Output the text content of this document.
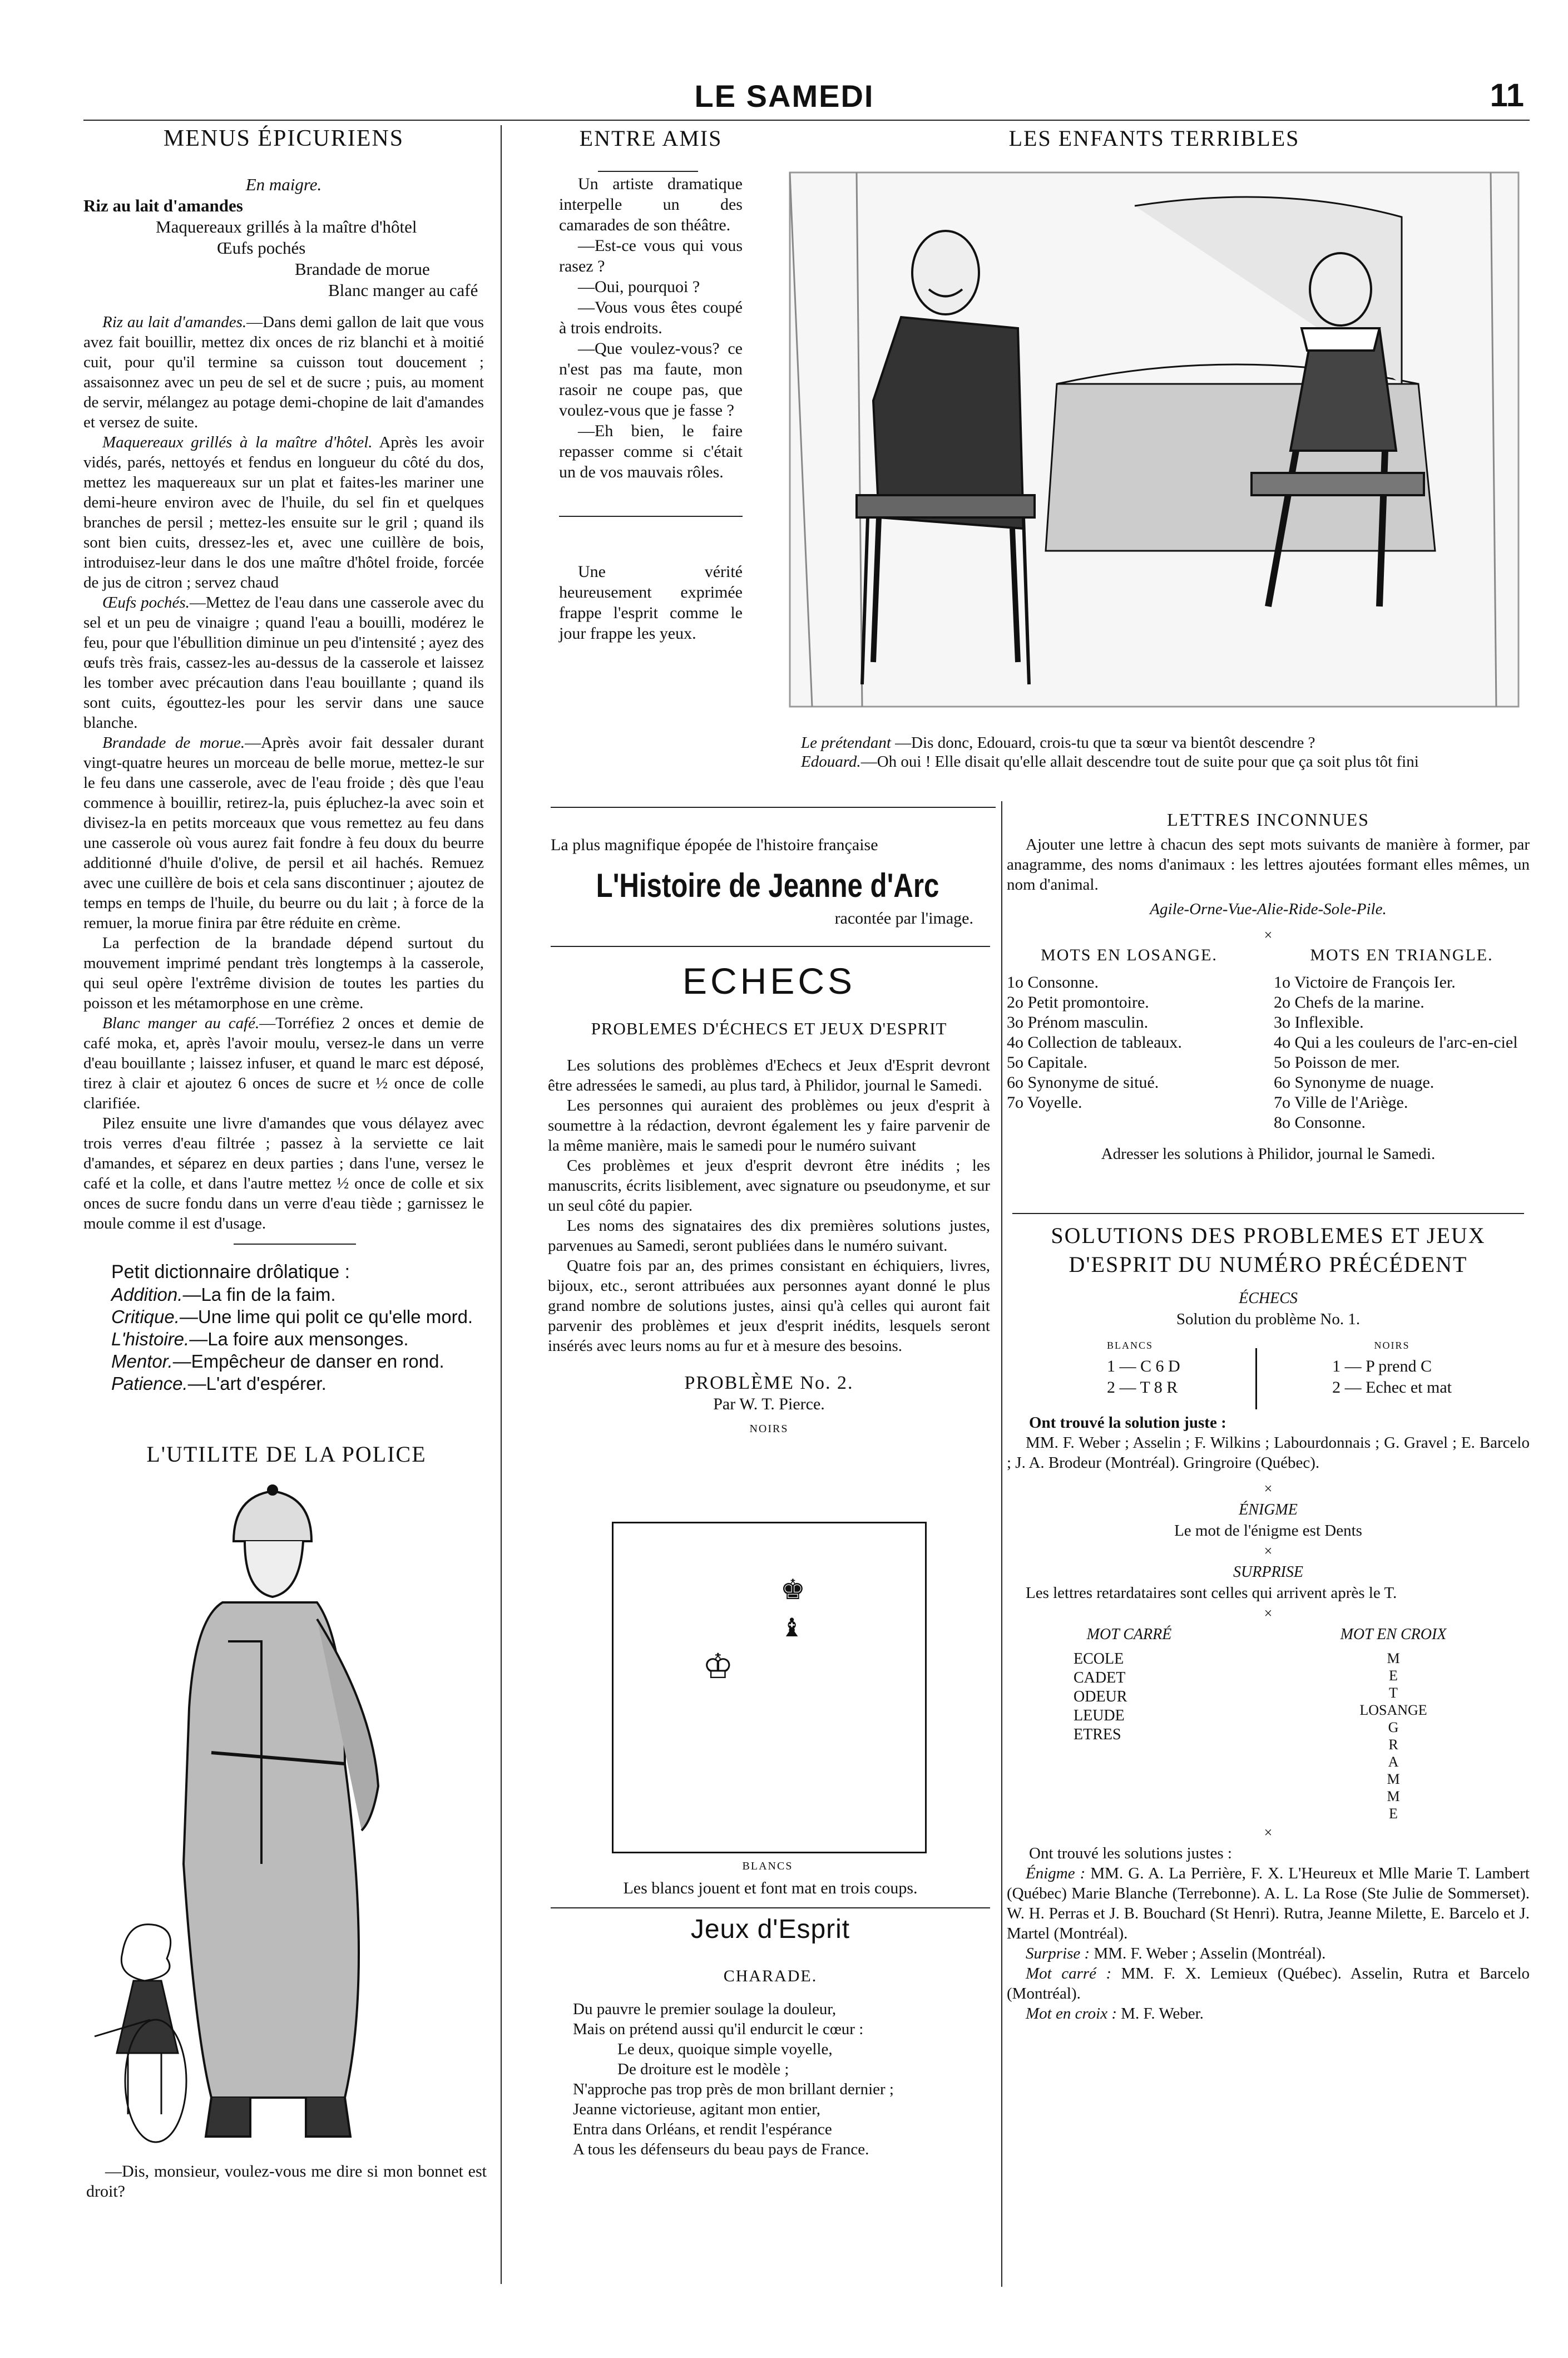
LE SAMEDI	11

MENUS ÉPICURIENS

En maigre.

Riz au lait d'amandes

Maquereaux grillés à la maître d'hôtel

Œufs pochés

Brandade de morue

Blanc manger au café

Riz au lait d'amandes.—Dans demi gallon de lait que vous avez fait bouillir, mettez dix onces de riz blanchi et à moitié cuit, pour qu'il termine sa cuisson tout doucement ; assaisonnez avec un peu de sel et de sucre ; puis, au moment de servir, mélangez au potage demi-chopine de lait d'amandes et versez de suite.

Maquereaux grillés à la maître d'hôtel. Après les avoir vidés, parés, nettoyés et fendus en longueur du côté du dos, mettez les maquereaux sur un plat et faites-les mariner une demi-heure environ avec de l'huile, du sel fin et quelques branches de persil ; mettez-les ensuite sur le gril ; quand ils sont bien cuits, dressez-les et, avec une cuillère de bois, introduisez-leur dans le dos une maître d'hôtel froide, forcée de jus de citron ; servez chaud

Œufs pochés.—Mettez de l'eau dans une casserole avec du sel et un peu de vinaigre ; quand l'eau a bouilli, modérez le feu, pour que l'ébullition diminue un peu d'intensité ; ayez des œufs très frais, cassez-les au-dessus de la casserole et laissez les tomber avec précaution dans l'eau bouillante ; quand ils sont cuits, égouttez-les pour les servir dans une sauce blanche.

Brandade de morue.—Après avoir fait dessaler durant vingt-quatre heures un morceau de belle morue, mettez-le sur le feu dans une casserole, avec de l'eau froide ; dès que l'eau commence à bouillir, retirez-la, puis épluchez-la avec soin et divisez-la en petits morceaux que vous remettez au feu dans une casserole où vous aurez fait fondre à feu doux du beurre additionné d'huile d'olive, de persil et ail hachés. Remuez avec une cuillère de bois et cela sans discontinuer ; ajoutez de temps en temps de l'huile, du beurre ou du lait ; à force de la remuer, la morue finira par être réduite en crème.

La perfection de la brandade dépend surtout du mouvement imprimé pendant très longtemps à la casserole, qui seul opère l'extrême division de toutes les parties du poisson et les métamorphose en une crème.

Blanc manger au café.—Torréfiez 2 onces et demie de café moka, et, après l'avoir moulu, versez-le dans un verre d'eau bouillante ; laissez infuser, et quand le marc est déposé, tirez à clair et ajoutez 6 onces de sucre et ½ once de colle clarifiée.

Pilez ensuite une livre d'amandes que vous délayez avec trois verres d'eau filtrée ; passez à la serviette ce lait d'amandes, et séparez en deux parties ; dans l'une, versez le café et la colle, et dans l'autre mettez ½ once de colle et six onces de sucre fondu dans un verre d'eau tiède ; garnissez le moule comme il est d'usage.

Petit dictionnaire drôlatique :

Addition.—La fin de la faim.

Critique.—Une lime qui polit ce qu'elle mord.

L'histoire.—La foire aux mensonges.

Mentor.—Empêcheur de danser en rond.

Patience.—L'art d'espérer.

L'UTILITE DE LA POLICE

—Dis, monsieur, voulez-vous me dire si mon bonnet est droit?

ENTRE AMIS

Un artiste dramatique interpelle un des camarades de son théâtre.

—Est-ce vous qui vous rasez ?

—Oui, pourquoi ?

—Vous vous êtes coupé à trois endroits.

—Que voulez-vous? ce n'est pas ma faute, mon rasoir ne coupe pas, que voulez-vous que je fasse ?

—Eh bien, le faire repasser comme si c'était un de vos mauvais rôles.

Une vérité heureusement exprimée frappe l'esprit comme le jour frappe les yeux.

LES ENFANTS TERRIBLES

Le prétendant —Dis donc, Edouard, crois-tu que ta sœur va bientôt descendre ?
Edouard.—Oh oui ! Elle disait qu'elle allait descendre tout de suite pour que ça soit plus tôt fini

La plus magnifique épopée de l'histoire française

L'Histoire de Jeanne d'Arc

racontée par l'image.

ECHECS

PROBLEMES D'ÉCHECS ET JEUX D'ESPRIT

Les solutions des problèmes d'Echecs et Jeux d'Esprit devront être adressées le samedi, au plus tard, à Philidor, journal le Samedi.

Les personnes qui auraient des problèmes ou jeux d'esprit à soumettre à la rédaction, devront également les y faire parvenir de la même manière, mais le samedi pour le numéro suivant

Ces problèmes et jeux d'esprit devront être inédits ; les manuscrits, écrits lisiblement, avec signature ou pseudonyme, et sur un seul côté du papier.

Les noms des signataires des dix premières solutions justes, parvenues au Samedi, seront publiées dans le numéro suivant.

Quatre fois par an, des primes consistant en échiquiers, livres, bijoux, etc., seront attribuées aux personnes ayant donné le plus grand nombre de solutions justes, ainsi qu'à celles qui auront fait parvenir des problèmes et jeux d'esprit inédits, lesquels seront insérés avec leurs noms au fur et à mesure des besoins.

PROBLÈME No. 2.

Par W. T. Pierce.

NOIRS

♚
♝
♔

BLANCS

Les blancs jouent et font mat en trois coups.

Jeux d'Esprit

CHARADE.

Du pauvre le premier soulage la douleur,

Mais on prétend aussi qu'il endurcit le cœur :

Le deux, quoique simple voyelle,

De droiture est le modèle ;

N'approche pas trop près de mon brillant dernier ;

Jeanne victorieuse, agitant mon entier,

Entra dans Orléans, et rendit l'espérance

A tous les défenseurs du beau pays de France.

LETTRES INCONNUES

Ajouter une lettre à chacun des sept mots suivants de manière à former, par anagramme, des noms d'animaux : les lettres ajoutées formant elles mêmes, un nom d'animal.

Agile-Orne-Vue-Alie-Ride-Sole-Pile.

×

MOTS EN LOSANGE.

1o Consonne.
2o Petit promontoire.
3o Prénom masculin.
4o Collection de tableaux.
5o Capitale.
6o Synonyme de situé.
7o Voyelle.

MOTS EN TRIANGLE.

1o Victoire de François Ier.
2o Chefs de la marine.
3o Inflexible.
4o Qui a les couleurs de l'arc-en-ciel
5o Poisson de mer.
6o Synonyme de nuage.
7o Ville de l'Ariège.
8o Consonne.

Adresser les solutions à Philidor, journal le Samedi.

SOLUTIONS DES PROBLEMES ET JEUX D'ESPRIT DU NUMÉRO PRÉCÉDENT

ÉCHECS

Solution du problème No. 1.

BLANCS

1 — C 6 D

2 — T 8 R

NOIRS

1 — P prend C

2 — Echec et mat

Ont trouvé la solution juste :

MM. F. Weber ; Asselin ; F. Wilkins ; Labourdonnais ; G. Gravel ; E. Barcelo ; J. A. Brodeur (Montréal). Gringroire (Québec).

×

ÉNIGME

Le mot de l'énigme est Dents

×

SURPRISE

Les lettres retardataires sont celles qui arrivent après le T.

×

MOT CARRÉ

ECOLE
CADET
ODEUR
LEUDE
ETRES

MOT EN CROIX

M
E
T
LOSANGE
G
R
A
M
M
E

×

Ont trouvé les solutions justes :

Énigme : MM. G. A. La Perrière, F. X. L'Heureux et Mlle Marie T. Lambert (Québec) Marie Blanche (Terrebonne). A. L. La Rose (Ste Julie de Sommerset). W. H. Perras et J. B. Bouchard (St Henri). Rutra, Jeanne Milette, E. Barcelo et J. Martel (Montréal).

Surprise : MM. F. Weber ; Asselin (Montréal).

Mot carré : MM. F. X. Lemieux (Québec). Asselin, Rutra et Barcelo (Montréal).

Mot en croix : M. F. Weber.
